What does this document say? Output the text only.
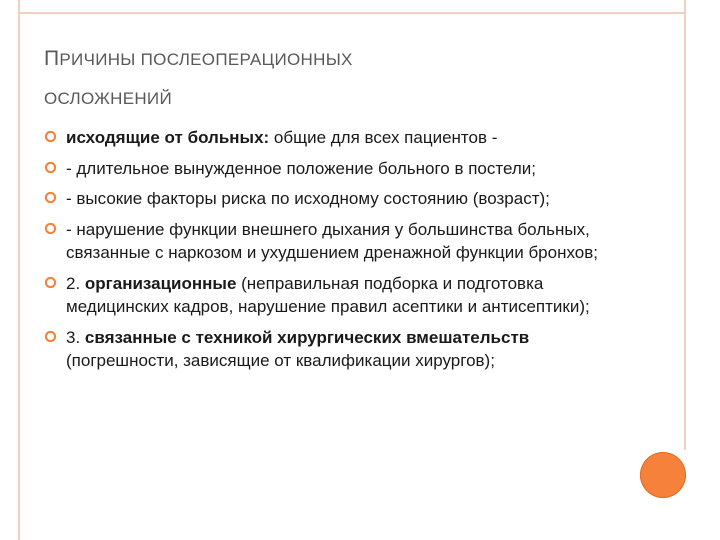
ПРИЧИНЫ ПОСЛЕОПЕРАЦИОННЫХ
ОСЛОЖНЕНИЙ
исходящие от больных: общие для всех пациентов -
- длительное вынужденное положение больного в постели;
- высокие факторы риска по исходному состоянию (возраст);
- нарушение функции внешнего дыхания у большинства больных, связанные с наркозом и ухудшением дренажной функции бронхов;
2. организационные (неправильная подборка и подготовка медицинских кадров, нарушение правил асептики и антисептики);
3. связанные с техникой хирургических вмешательств (погрешности, зависящие от квалификации хирургов);
